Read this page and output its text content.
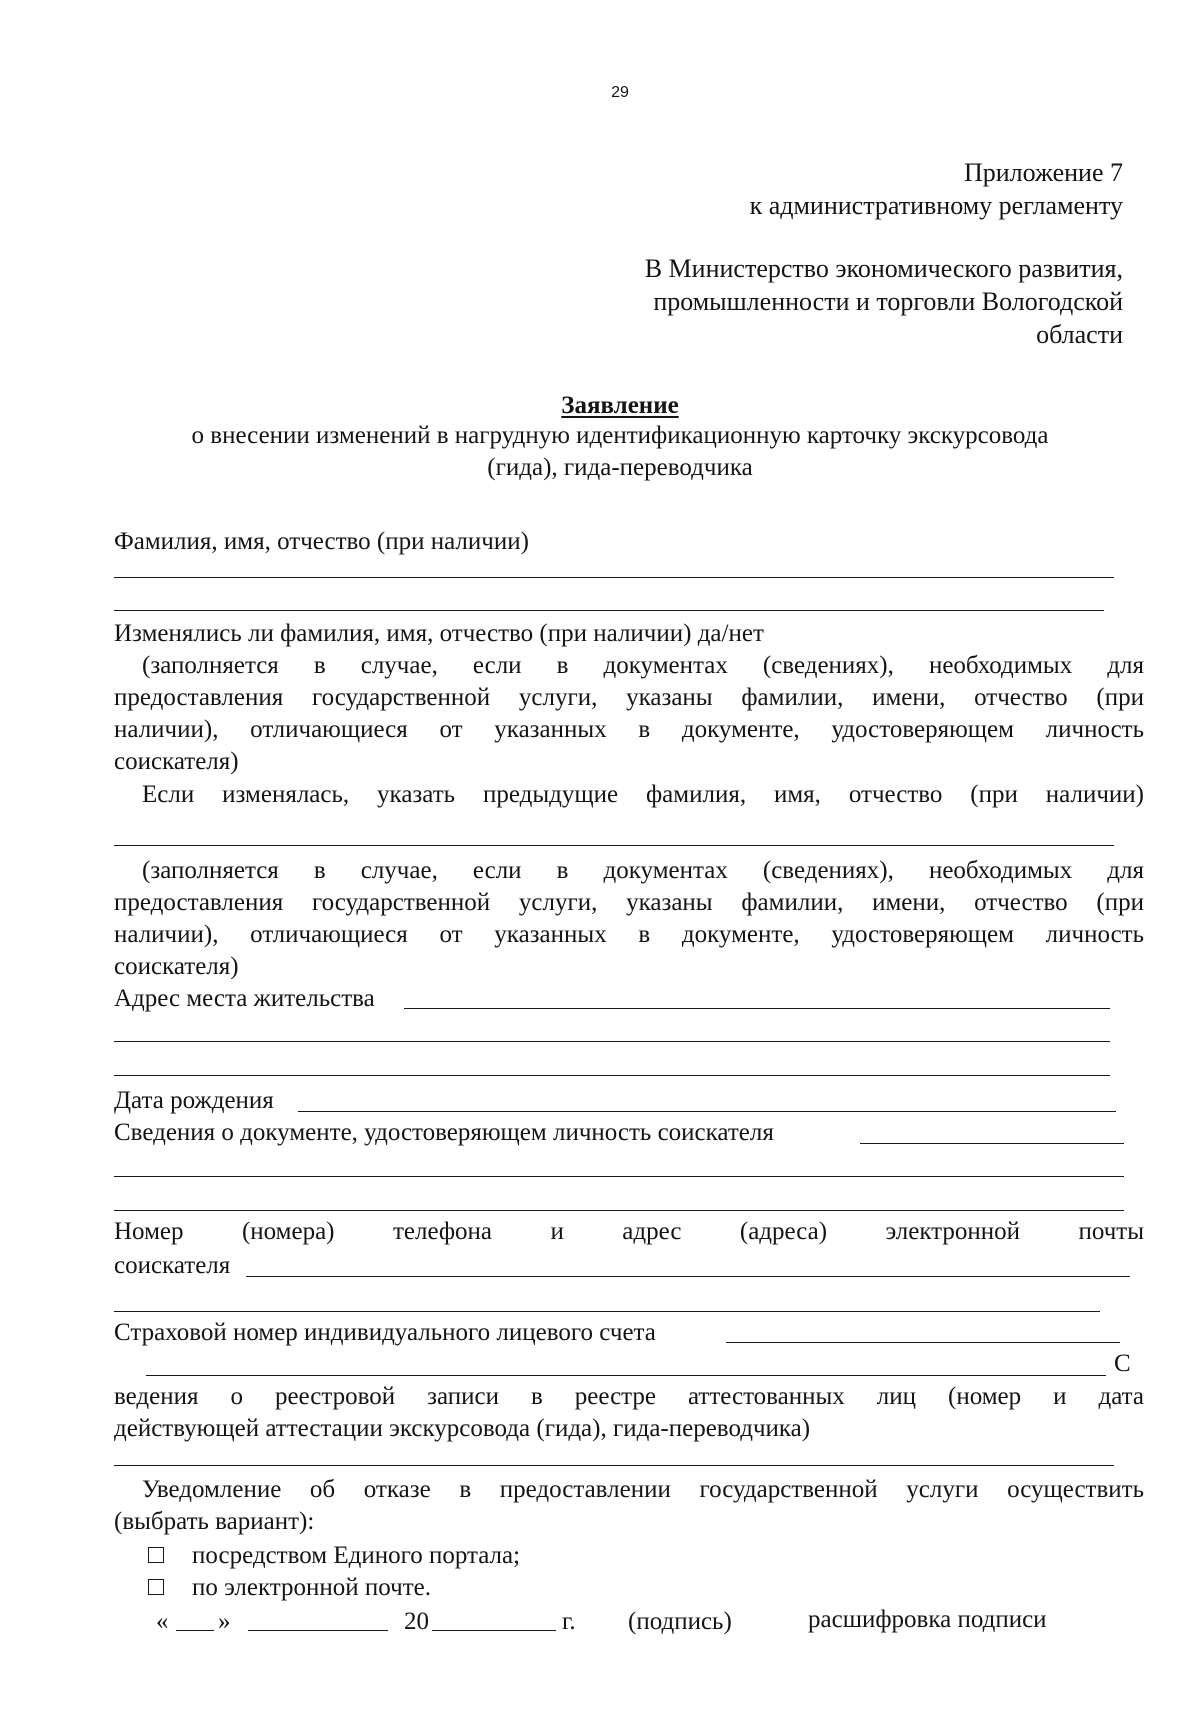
29
Приложение 7
к административному регламенту
В Министерство экономического развития,
промышленности и торговли Вологодской
области
Заявление
о внесении изменений в нагрудную идентификационную карточку экскурсовода
(гида), гида-переводчика
Фамилия, имя, отчество (при наличии)
Изменялись ли фамилия, имя, отчество (при наличии) да/нет
(заполняется в случае, если в документах (сведениях), необходимых для
предоставления государственной услуги, указаны фамилии, имени, отчество (при
наличии), отличающиеся от указанных в документе, удостоверяющем личность
соискателя)
Если изменялась, указать предыдущие фамилия, имя, отчество (при наличии)
(заполняется в случае, если в документах (сведениях), необходимых для
предоставления государственной услуги, указаны фамилии, имени, отчество (при
наличии), отличающиеся от указанных в документе, удостоверяющем личность
соискателя)
Адрес места жительства
Дата рождения
Сведения о документе, удостоверяющем личность соискателя
Номер (номера) телефона и адрес (адреса) электронной почты
соискателя
Страховой номер индивидуального лицевого счета
С
ведения о реестровой записи в реестре аттестованных лиц (номер и дата
действующей аттестации экскурсовода (гида), гида-переводчика)
Уведомление об отказе в предоставлении государственной услуги осуществить
(выбрать вариант):
посредством Единого портала;
по электронной почте.
« »	20	г. (подпись)	расшифровка подписи
